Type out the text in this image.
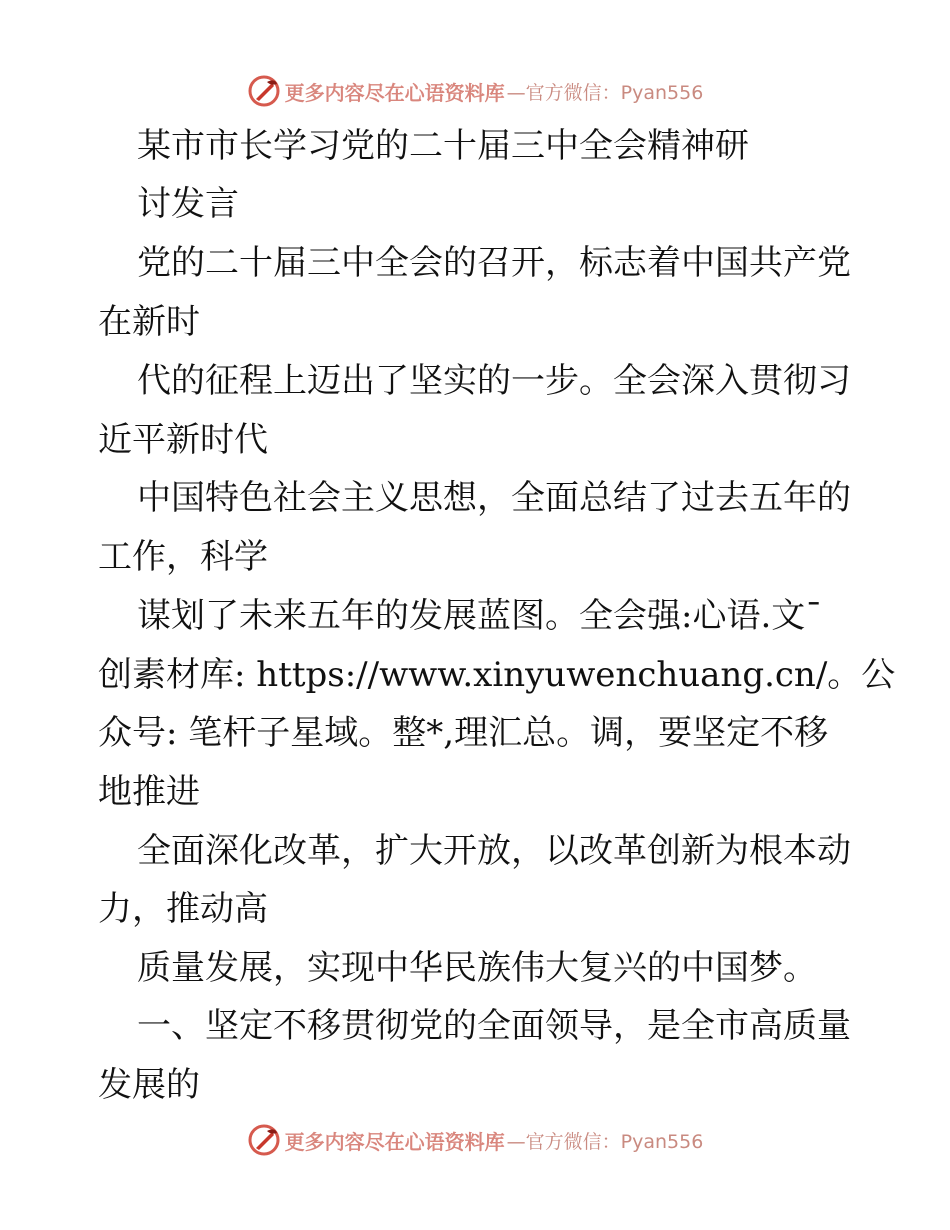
更多内容尽在心语资料库 —官方微信：Pyan556
某市市长学习党的二十届三中全会精神研
讨发言
党的二十届三中全会的召开，标志着中国共产党
在新时
代的征程上迈出了坚实的一步。全会深入贯彻习
近平新时代
中国特色社会主义思想，全面总结了过去五年的
工作，科学
谋划了未来五年的发展蓝图。全会强:心语.文¯
创素材库: https://www.xinyuwenchuang.cn/。公
众号: 笔杆子星域。整*,理汇总。调，要坚定不移
地推进
全面深化改革，扩大开放，以改革创新为根本动
力，推动高
质量发展，实现中华民族伟大复兴的中国梦。
一、坚定不移贯彻党的全面领导，是全市高质量
发展的
更多内容尽在心语资料库 —官方微信：Pyan556
